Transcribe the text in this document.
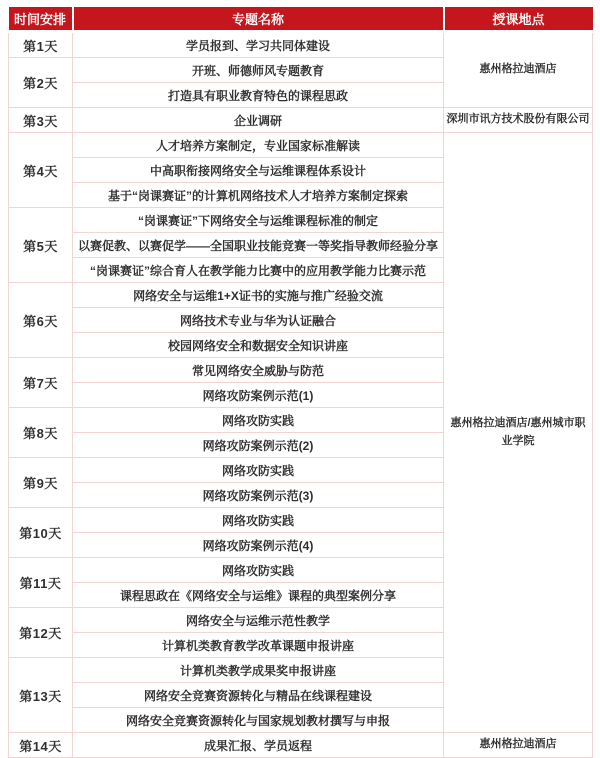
时间安排	专题名称	授课地点
第1天	学员报到、学习共同体建设	惠州格拉迪酒店
第2天	开班、师德师风专题教育	
	打造具有职业教育特色的课程思政	
第3天	企业调研	深圳市讯方技术股份有限公司
第4天	人才培养方案制定，专业国家标准解读	惠州格拉迪酒店/惠州城市职业学院
	中高职衔接网络安全与运维课程体系设计	
	基于“岗课赛证”的计算机网络技术人才培养方案制定探索	
第5天	“岗课赛证”下网络安全与运维课程标准的制定	
	以赛促教、以赛促学——全国职业技能竞赛一等奖指导教师经验分享	
	“岗课赛证”综合育人在教学能力比赛中的应用教学能力比赛示范	
第6天	网络安全与运维1+X证书的实施与推广经验交流	
	网络技术专业与华为认证融合	
	校园网络安全和数据安全知识讲座	
第7天	常见网络安全威胁与防范	
	网络攻防案例示范(1)	
第8天	网络攻防实践	
	网络攻防案例示范(2)	
第9天	网络攻防实践	
	网络攻防案例示范(3)	
第10天	网络攻防实践	
	网络攻防案例示范(4)	
第11天	网络攻防实践	
	课程思政在《网络安全与运维》课程的典型案例分享	
第12天	网络安全与运维示范性教学	
	计算机类教育教学改革课题申报讲座	
第13天	计算机类教学成果奖申报讲座	
	网络安全竞赛资源转化与精品在线课程建设	
	网络安全竞赛资源转化与国家规划教材撰写与申报	
第14天	成果汇报、学员返程	惠州格拉迪酒店
